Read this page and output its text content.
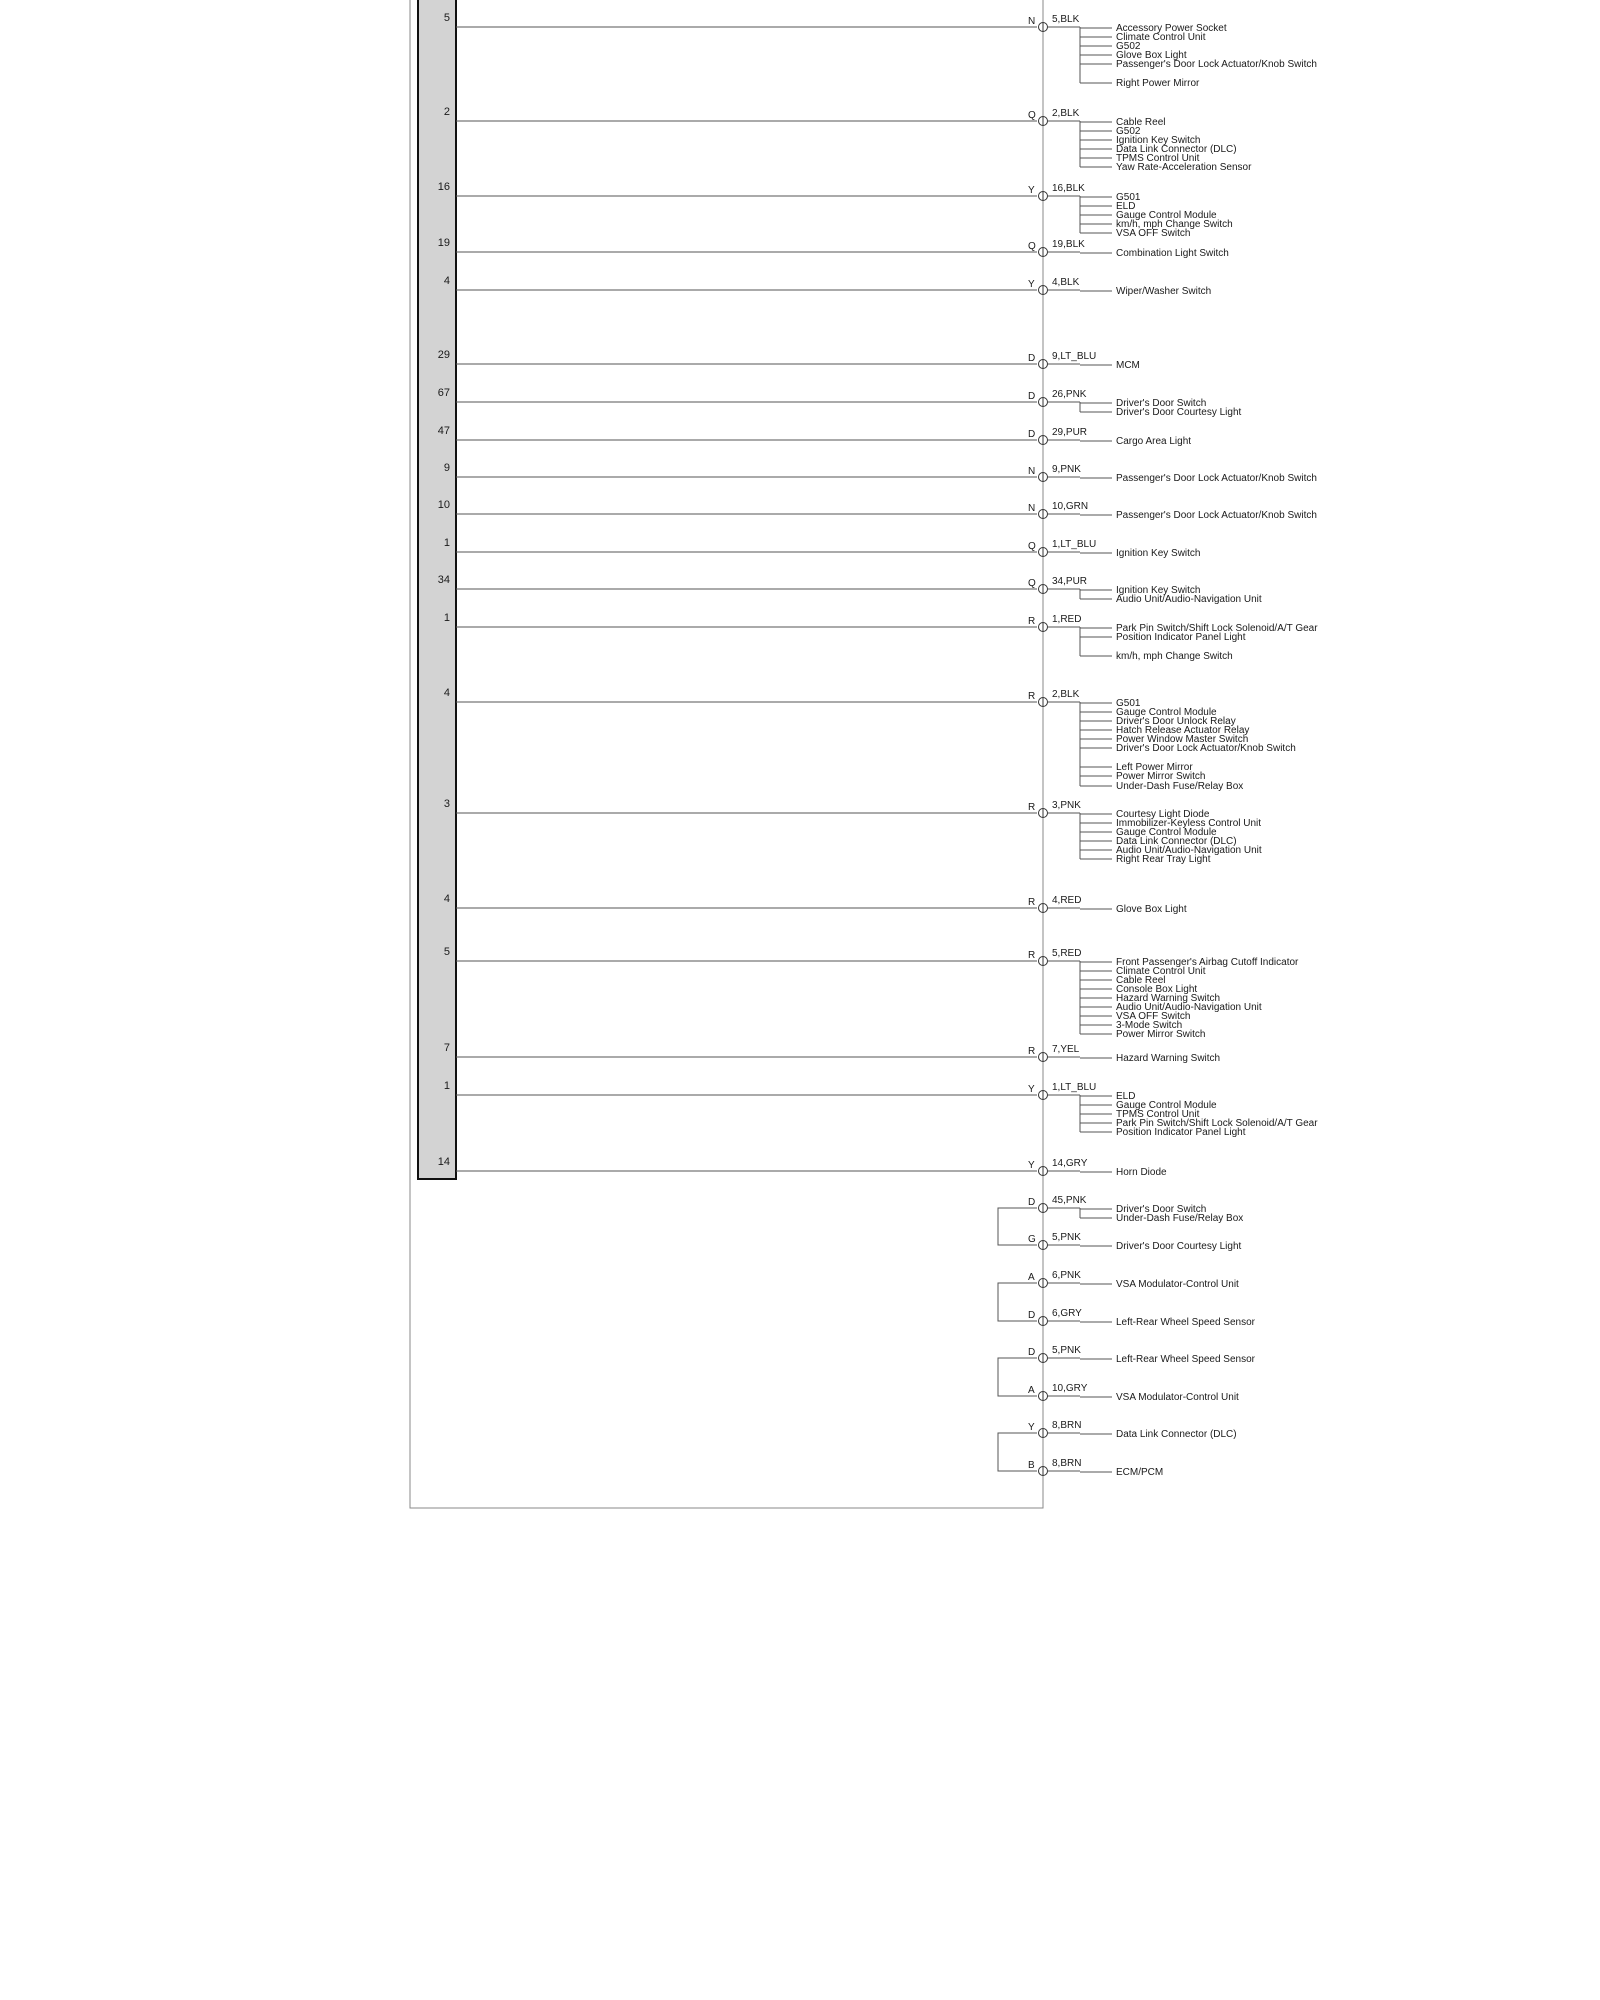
5	N 5,BLK
Accessory Power Socket
Climate Control Unit
G502
Glove Box Light
Passenger's Door Lock Actuator/Knob Switch
Right Power Mirror
2	Q 2,BLK
Cable Reel
G502
Ignition Key Switch
Data Link Connector (DLC)
TPMS Control Unit
Yaw Rate-Acceleration Sensor
16	Y 16,BLK
G501
ELD
Gauge Control Module
km/h, mph Change Switch
VSA OFF Switch
19	Q 19,BLK
Combination Light Switch
4	Y 4,BLK
Wiper/Washer Switch
29	D 9,LT_BLU
MCM
67	D 26,PNK
Driver's Door Switch
Driver's Door Courtesy Light
47	D 29,PUR
Cargo Area Light
9	N 9,PNK
Passenger's Door Lock Actuator/Knob Switch
10	N 10,GRN
Passenger's Door Lock Actuator/Knob Switch
1	Q 1,LT_BLU
Ignition Key Switch
34	Q 34,PUR
Ignition Key Switch
Audio Unit/Audio-Navigation Unit
1	R 1,RED
Park Pin Switch/Shift Lock Solenoid/A/T Gear
Position Indicator Panel Light
km/h, mph Change Switch
4	R 2,BLK
G501
Gauge Control Module
Driver's Door Unlock Relay
Hatch Release Actuator Relay
Power Window Master Switch
Driver's Door Lock Actuator/Knob Switch
Left Power Mirror
Power Mirror Switch
Under-Dash Fuse/Relay Box
3	R 3,PNK
Courtesy Light Diode
Immobilizer-Keyless Control Unit
Gauge Control Module
Data Link Connector (DLC)
Audio Unit/Audio-Navigation Unit
Right Rear Tray Light
4	R 4,RED
Glove Box Light
5	R 5,RED
Front Passenger's Airbag Cutoff Indicator
Climate Control Unit
Cable Reel
Console Box Light
Hazard Warning Switch
Audio Unit/Audio-Navigation Unit
VSA OFF Switch
3-Mode Switch
Power Mirror Switch
7	R 7,YEL
Hazard Warning Switch
1	Y 1,LT_BLU
ELD
Gauge Control Module
TPMS Control Unit
Park Pin Switch/Shift Lock Solenoid/A/T Gear
Position Indicator Panel Light
14	Y 14,GRY
Horn Diode
D 45,PNK
Driver's Door Switch
Under-Dash Fuse/Relay Box
G 5,PNK
Driver's Door Courtesy Light
A 6,PNK
VSA Modulator-Control Unit
D 6,GRY
Left-Rear Wheel Speed Sensor
D 5,PNK
Left-Rear Wheel Speed Sensor
A 10,GRY
VSA Modulator-Control Unit
Y 8,BRN
Data Link Connector (DLC)
B 8,BRN
ECM/PCM
